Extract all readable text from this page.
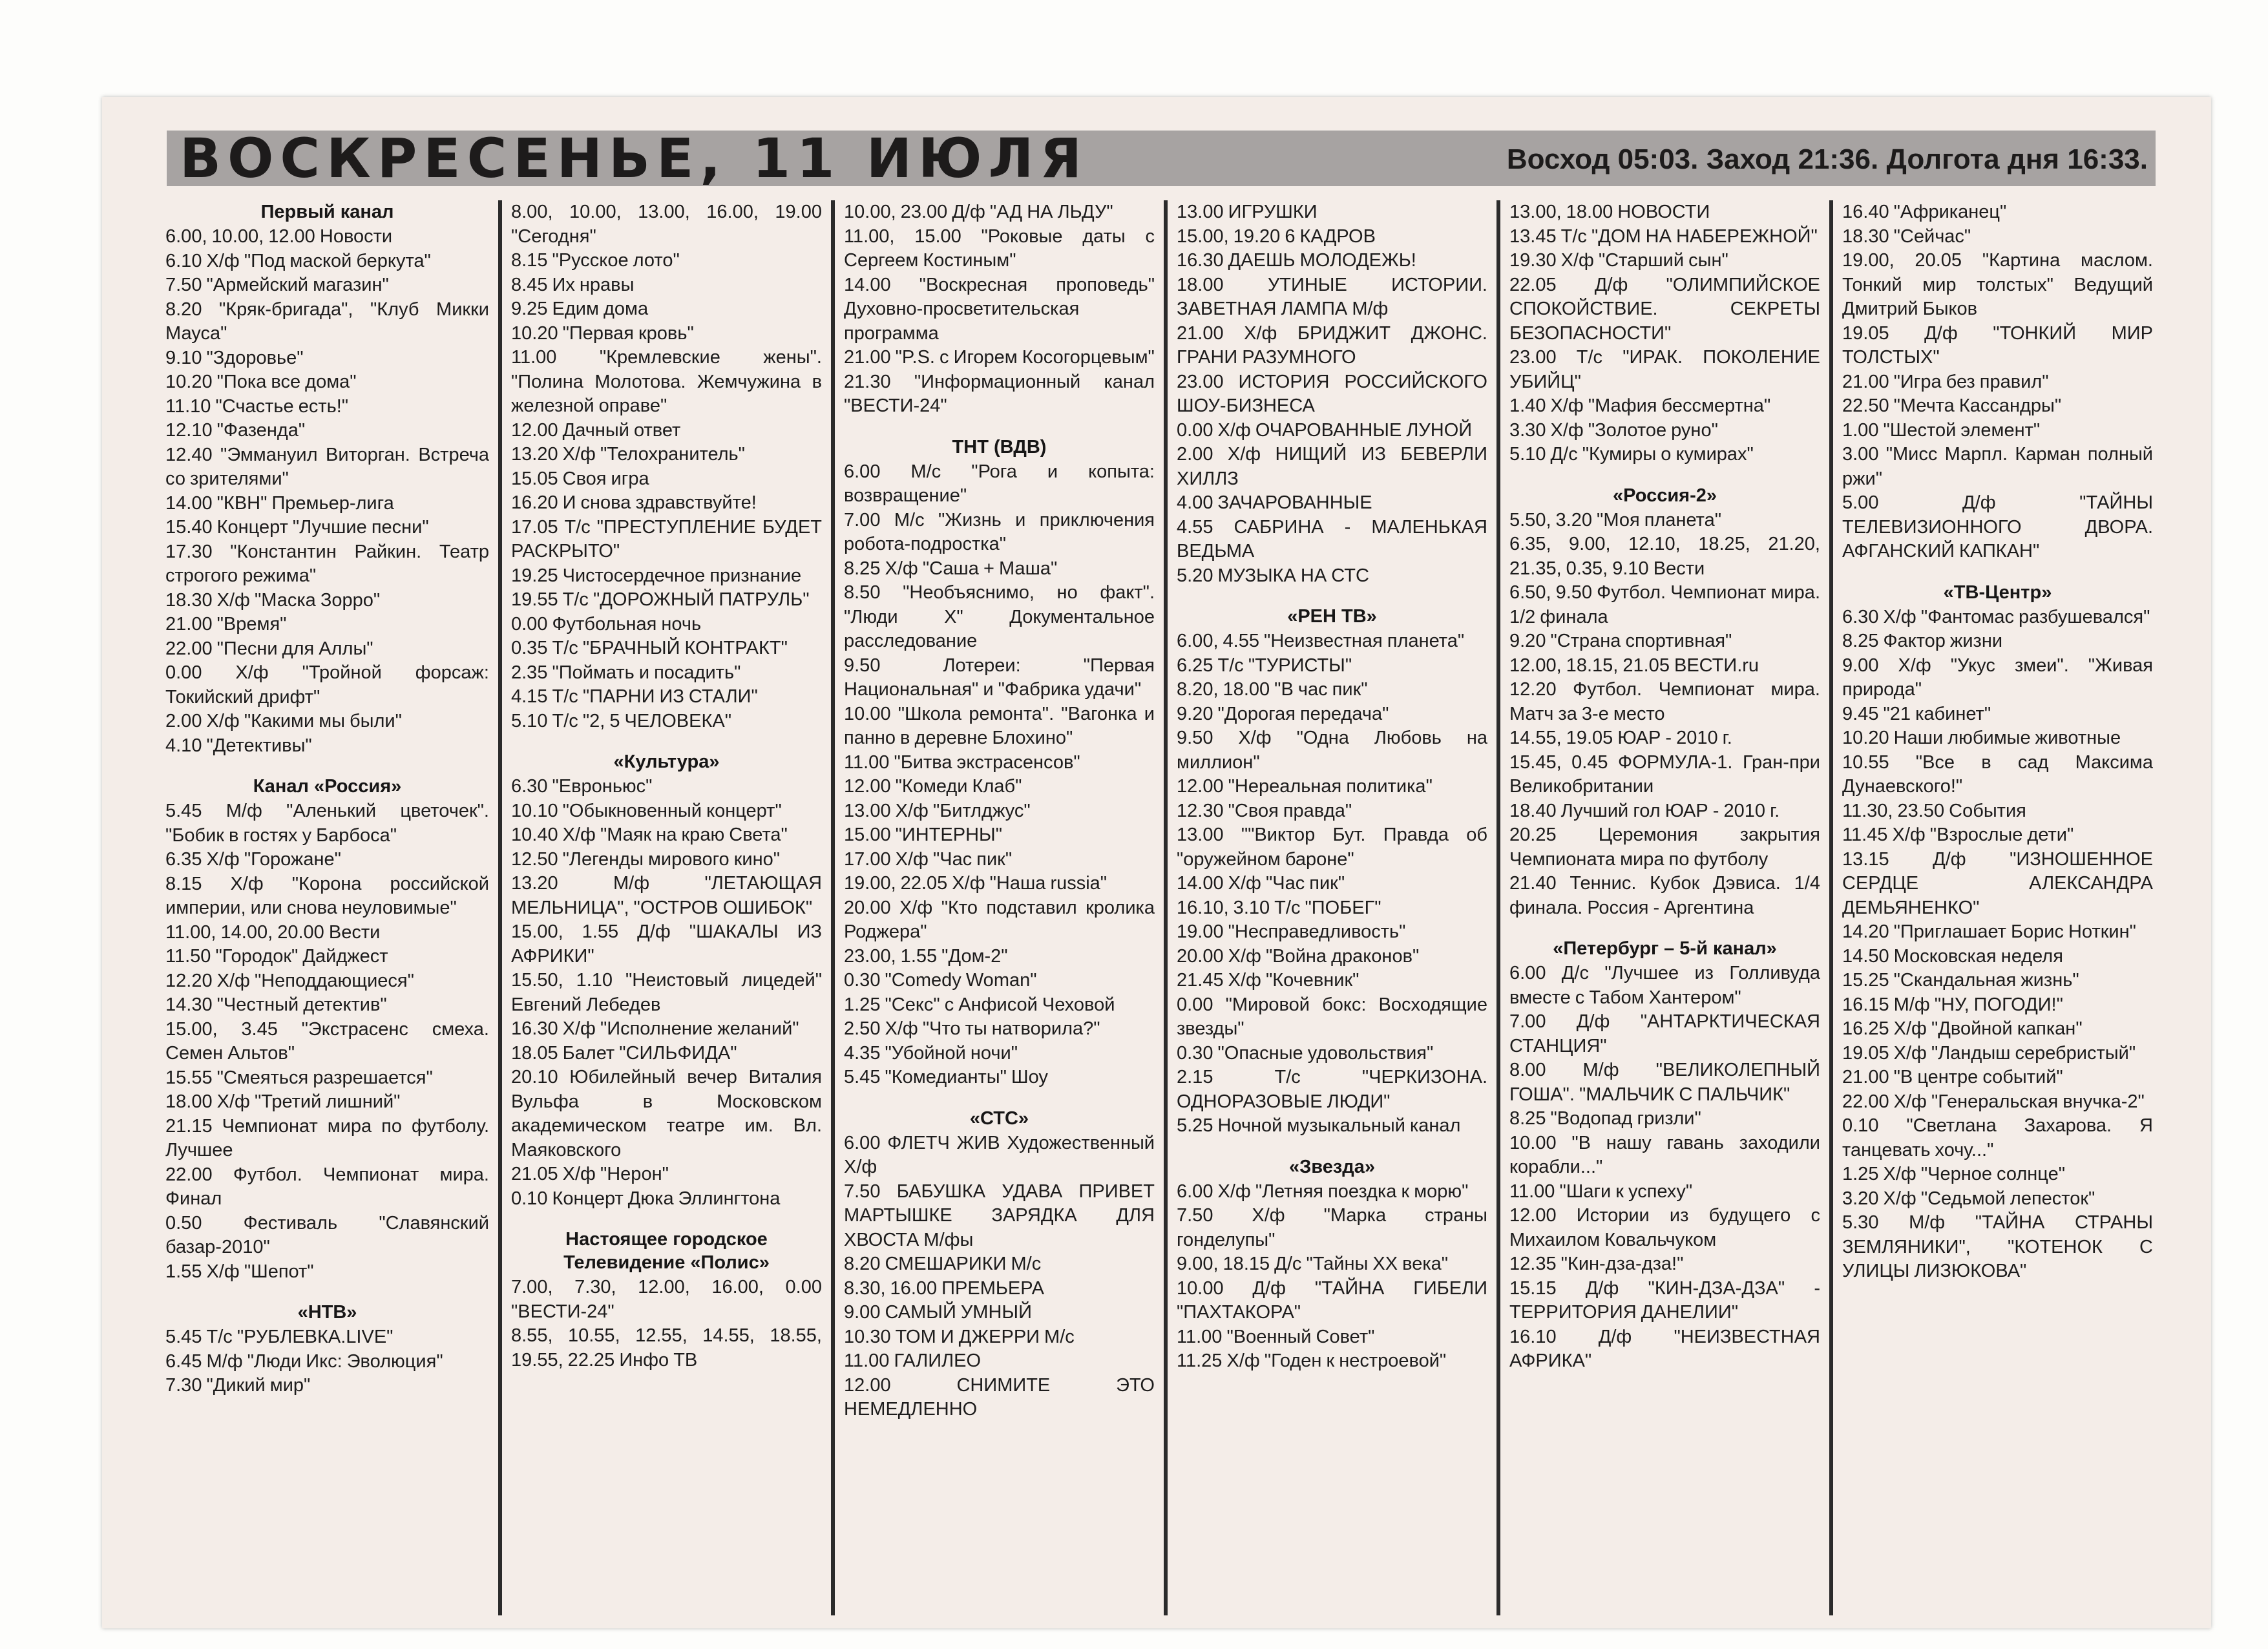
ВОСКРЕСЕНЬЕ, 11 ИЮЛЯ	Восход 05:03. Заход 21:36. Долгота дня 16:33.
Первый канал
6.00, 10.00, 12.00 Новости
6.10 Х/ф "Под маской беркута"
7.50 "Армейский магазин"
8.20 "Кряк-бригада", "Клуб Микки Мауса"
9.10 "Здоровье"
10.20 "Пока все дома"
11.10 "Счастье есть!"
12.10 "Фазенда"
12.40 "Эммануил Виторган. Встреча со зрителями"
✓ 14.00 "КВН" Премьер-лига
15.40 Концерт "Лучшие песни"
17.30 "Константин Райкин. Театр строгого режима"
18.30 Х/ф "Маска Зорро"
✓ 21.00 "Время"
22.00 "Песни для Аллы"
0.00 Х/ф "Тройной форсаж: Токийский дрифт"
2.00 Х/ф "Какими мы были"
4.10 "Детективы"
Канал «Россия»
5.45 М/ф "Аленький цветочек". "Бобик в гостях у Барбоса"
6.35 Х/ф "Горожане"
8.15 Х/ф "Корона российской империи, или снова неуловимые"
11.00, 14.00, 20.00 Вести
✓ 11.50 "Городок" Дайджест
12.20 Х/ф "Неподдающиеся"
14.30 "Честный детектив"
15.00, 3.45 "Экстрасенс смеха. Семен Альтов"
✓ 15.55 "Смеяться разрешается"
18.00 Х/ф "Третий лишний"
21.15 Чемпионат мира по футболу. Лучшее
22.00 Футбол. Чемпионат мира. Финал
0.50 Фестиваль "Славянский базар-2010"
1.55 Х/ф "Шепот"
«НТВ»
5.45 Т/с "РУБЛЕВКА.LIVE"
6.45 М/ф "Люди Икс: Эволюция"
7.30 "Дикий мир"
8.00, 10.00, 13.00, 16.00, 19.00 "Сегодня"
8.15 "Русское лото"
8.45 Их нравы
9.25 Едим дома
10.20 "Первая кровь"
11.00 "Кремлевские жены". "Полина Молотова. Жемчужина в железной оправе"
12.00 Дачный ответ
13.20 Х/ф "Телохранитель"
15.05 Своя игра
16.20 И снова здравствуйте!
17.05 Т/с "ПРЕСТУПЛЕНИЕ БУДЕТ РАСКРЫТО"
19.25 Чистосердечное признание
19.55 Т/с "ДОРОЖНЫЙ ПАТРУЛЬ"
0.00 Футбольная ночь
0.35 Т/с "БРАЧНЫЙ КОНТРАКТ"
2.35 "Поймать и посадить"
4.15 Т/с "ПАРНИ ИЗ СТАЛИ"
5.10 Т/с "2, 5 ЧЕЛОВЕКА"
«Культура»
6.30 "Евроньюс"
10.10 "Обыкновенный концерт"
10.40 Х/ф "Маяк на краю Света"
12.50 "Легенды мирового кино"
13.20 М/ф "ЛЕТАЮЩАЯ МЕЛЬНИЦА", "ОСТРОВ ОШИБОК"
15.00, 1.55 Д/ф "ШАКАЛЫ ИЗ АФРИКИ"
15.50, 1.10 "Неистовый лицедей" Евгений Лебедев
16.30 Х/ф "Исполнение желаний"
18.05 Балет "СИЛЬФИДА"
20.10 Юбилейный вечер Виталия Вульфа в Московском академическом театре им. Вл. Маяковского
21.05 Х/ф "Нерон"
0.10 Концерт Дюка Эллингтона
Настоящее городское Телевидение «Полис»
7.00, 7.30, 12.00, 16.00, 0.00 "ВЕСТИ-24"
8.55, 10.55, 12.55, 14.55, 18.55, 19.55, 22.25 Инфо ТВ
10.00, 23.00 Д/ф "АД НА ЛЬДУ"
✓ 11.00, 15.00 "Роковые даты с Сергеем Костиным"
14.00 "Воскресная проповедь" Духовно-просветительская программа
21.00 "P.S. с Игорем Косогорцевым"
21.30 "Информационный канал "ВЕСТИ-24"
ТНТ (ВДВ)
6.00 М/с "Рога и копыта: возвращение"
7.00 М/с "Жизнь и приключения робота-подростка"
8.25 Х/ф "Саша + Маша"
8.50 "Необъяснимо, но факт". "Люди Х" Документальное расследование
9.50 Лотереи: "Первая Национальная" и "Фабрика удачи"
10.00 "Школа ремонта". "Вагонка и панно в деревне Блохино"
11.00 "Битва экстрасенсов"
12.00 "Комеди Клаб"
13.00 Х/ф "Битлджус"
15.00 "ИНТЕРНЫ"
17.00 Х/ф "Час пик"
✓ 19.00, 22.05 Х/ф "Наша russia"
20.00 Х/ф "Кто подставил кролика Роджера"
23.00, 1.55 "Дом-2"
0.30 "Comedy Woman"
1.25 "Секс" с Анфисой Чеховой
2.50 Х/ф "Что ты натворила?"
4.35 "Убойной ночи"
5.45 "Комедианты" Шоу
«СТС»
6.00 ФЛЕТЧ ЖИВ Художественный Х/ф
7.50 БАБУШКА УДАВА ПРИВЕТ МАРТЫШКЕ ЗАРЯДКА ДЛЯ ХВОСТА М/фы
8.20 СМЕШАРИКИ М/с
8.30, 16.00 ПРЕМЬЕРА
9.00 САМЫЙ УМНЫЙ
10.30 ТОМ И ДЖЕРРИ М/с
11.00 ГАЛИЛЕО
12.00 СНИМИТЕ ЭТО НЕМЕДЛЕННО
✓ 13.00 ИГРУШКИ
✓ 15.00, 19.20 6 КАДРОВ
✓ 16.30 ДАЕШЬ МОЛОДЕЖЬ!
18.00 УТИНЫЕ ИСТОРИИ. ЗАВЕТНАЯ ЛАМПА М/ф
21.00 Х/ф БРИДЖИТ ДЖОНС. ГРАНИ РАЗУМНОГО
23.00 ИСТОРИЯ РОССИЙСКОГО ШОУ-БИЗНЕСА
0.00 Х/ф ОЧАРОВАННЫЕ ЛУНОЙ
2.00 Х/ф НИЩИЙ ИЗ БЕВЕРЛИ ХИЛЛЗ
4.00 ЗАЧАРОВАННЫЕ
4.55 САБРИНА - МАЛЕНЬКАЯ ВЕДЬМА
5.20 МУЗЫКА НА СТС
«РЕН ТВ»
6.00, 4.55 "Неизвестная планета"
6.25 Т/с "ТУРИСТЫ"
8.20, 18.00 "В час пик"
9.20 "Дорогая передача"
9.50 Х/ф "Одна Любовь на миллион"
12.00 "Нереальная политика"
12.30 "Своя правда"
13.00 ""Виктор Бут. Правда об "оружейном бароне"
14.00 Х/ф "Час пик"
16.10, 3.10 Т/с "ПОБЕГ"
19.00 "Несправедливость"
20.00 Х/ф "Война драконов"
21.45 Х/ф "Кочевник"
0.00 "Мировой бокс: Восходящие звезды"
0.30 "Опасные удовольствия"
2.15 Т/с "ЧЕРКИЗОНА. ОДНОРАЗОВЫЕ ЛЮДИ"
5.25 Ночной музыкальный канал
«Звезда»
6.00 Х/ф "Летняя поездка к морю"
7.50 Х/ф "Марка страны гонделупы"
9.00, 18.15 Д/с "Тайны XX века"
10.00 Д/ф "ТАЙНА ГИБЕЛИ "ПАХТАКОРА"
11.00 "Военный Совет"
11.25 Х/ф "Годен к нестроевой"
13.00, 18.00 НОВОСТИ
13.45 Т/с "ДОМ НА НАБЕРЕЖНОЙ"
19.30 Х/ф "Старший сын"
22.05 Д/ф "ОЛИМПИЙСКОЕ СПОКОЙСТВИЕ. СЕКРЕТЫ БЕЗОПАСНОСТИ"
23.00 Т/с "ИРАК. ПОКОЛЕНИЕ УБИЙЦ"
1.40 Х/ф "Мафия бессмертна"
3.30 Х/ф "Золотое руно"
5.10 Д/с "Кумиры о кумирах"
«Россия-2»
5.50, 3.20 "Моя планета"
6.35, 9.00, 12.10, 18.25, 21.20, 21.35, 0.35, 9.10 Вести
6.50, 9.50 Футбол. Чемпионат мира. 1/2 финала
9.20 "Страна спортивная"
12.00, 18.15, 21.05 ВЕСТИ.ru
12.20 Футбол. Чемпионат мира. Матч за 3-е место
14.55, 19.05 ЮАР - 2010 г.
15.45, 0.45 ФОРМУЛА-1. Гран-при Великобритании
18.40 Лучший гол ЮАР - 2010 г.
20.25 Церемония закрытия Чемпионата мира по футболу
21.40 Теннис. Кубок Дэвиса. 1/4 финала. Россия - Аргентина
«Петербург – 5-й канал»
6.00 Д/с "Лучшее из Голливуда вместе с Табом Хантером"
7.00 Д/ф "АНТАРКТИЧЕСКАЯ СТАНЦИЯ"
8.00 М/ф "ВЕЛИКОЛЕПНЫЙ ГОША". "МАЛЬЧИК С ПАЛЬЧИК"
8.25 "Водопад гризли"
10.00 "В нашу гавань заходили корабли..."
11.00 "Шаги к успеху"
12.00 Истории из будущего с Михаилом Ковальчуком
12.35 "Кин-дза-дза!"
15.15 Д/ф "КИН-ДЗА-ДЗА" - ТЕРРИТОРИЯ ДАНЕЛИИ"
16.10 Д/ф "НЕИЗВЕСТНАЯ АФРИКА"
16.40 "Африканец"
18.30 "Сейчас"
19.00, 20.05 "Картина маслом. Тонкий мир толстых" Ведущий Дмитрий Быков
19.05 Д/ф "ТОНКИЙ МИР ТОЛСТЫХ"
21.00 "Игра без правил"
22.50 "Мечта Кассандры"
1.00 "Шестой элемент"
3.00 "Мисс Марпл. Карман полный ржи"
5.00 Д/ф "ТАЙНЫ ТЕЛЕВИЗИОННОГО ДВОРА. АФГАНСКИЙ КАПКАН"
«ТВ-Центр»
6.30 Х/ф "Фантомас разбушевался"
8.25 Фактор жизни
9.00 Х/ф "Укус змеи". "Живая природа"
9.45 "21 кабинет"
10.20 Наши любимые животные
10.55 "Все в сад Максима Дунаевского!"
11.30, 23.50 События
11.45 Х/ф "Взрослые дети"
13.15 Д/ф "ИЗНОШЕННОЕ СЕРДЦЕ АЛЕКСАНДРА ДЕМЬЯНЕНКО"
14.20 "Приглашает Борис Ноткин"
14.50 Московская неделя
15.25 "Скандальная жизнь"
16.15 М/ф "НУ, ПОГОДИ!"
16.25 Х/ф "Двойной капкан"
19.05 Х/ф "Ландыш серебристый"
21.00 "В центре событий"
22.00 Х/ф "Генеральская внучка-2"
0.10 "Светлана Захарова. Я танцевать хочу..."
1.25 Х/ф "Черное солнце"
3.20 Х/ф "Седьмой лепесток"
5.30 М/ф "ТАЙНА СТРАНЫ ЗЕМЛЯНИКИ", "КОТЕНОК С УЛИЦЫ ЛИЗЮКОВА"
